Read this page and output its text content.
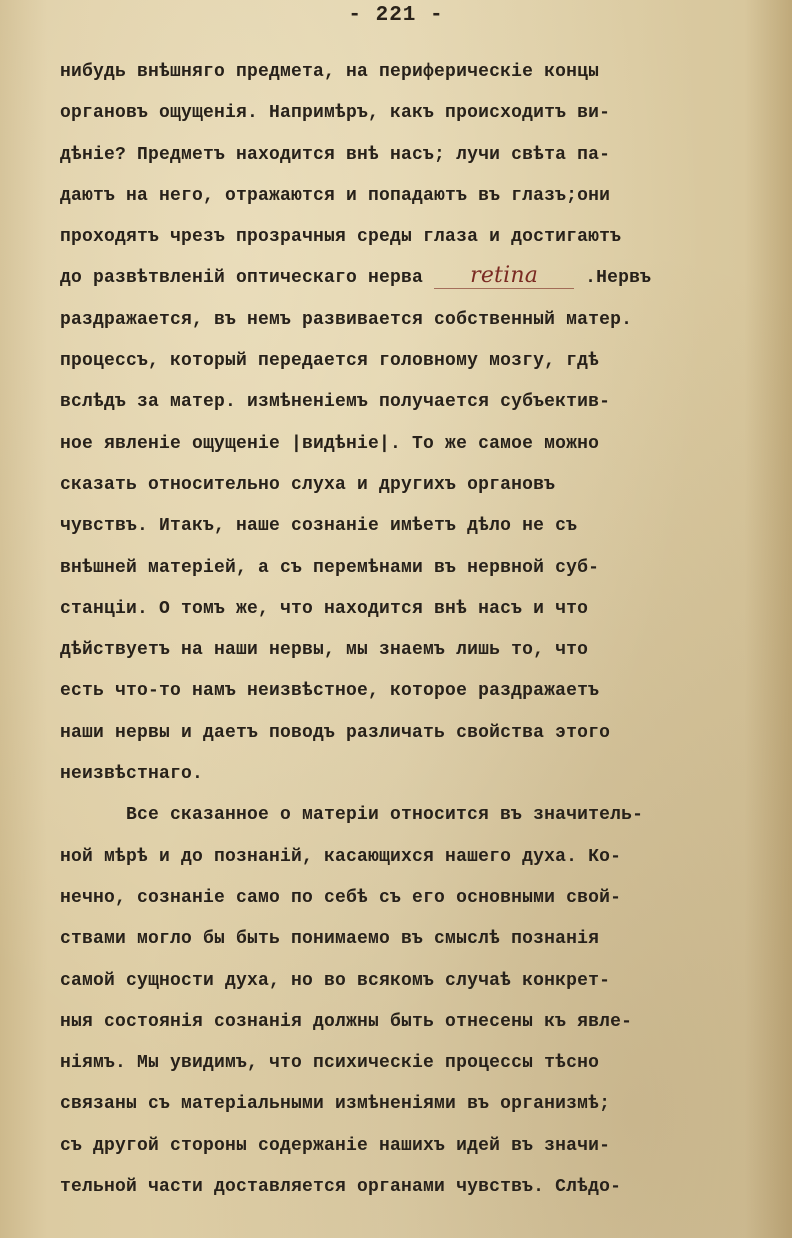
- 221 -
нибудь внѣшняго предмета, на периферическіе концы
органовъ ощущенія. Напримѣръ, какъ происходитъ ви-
дѣніе? Предметъ находится внѣ насъ; лучи свѣта па-
даютъ на него, отражаются и попадаютъ въ глазъ;они
проходятъ чрезъ прозрачныя среды глаза и достигаютъ
до развѣтвленій оптическаго нерва retina .Нервъ
раздражается, въ немъ развивается собственный матер.
процессъ, который передается головному мозгу, гдѣ
вслѣдъ за матер. измѣненіемъ получается субъектив-
ное явленіе ощущеніе |видѣніе|. То же самое можно
сказать относительно слуха и другихъ органовъ
чувствъ. Итакъ, наше сознаніе имѣетъ дѣло не съ
внѣшней матеріей, а съ перемѣнами въ нервной суб-
станціи. О томъ же, что находится внѣ насъ и что
дѣйствуетъ на наши нервы, мы знаемъ лишь то, что
есть что-то намъ неизвѣстное, которое раздражаетъ
наши нервы и даетъ поводъ различать свойства этого
неизвѣстнаго.
Все сказанное о матеріи относится въ значитель-
ной мѣрѣ и до познаній, касающихся нашего духа. Ко-
нечно, сознаніе само по себѣ съ его основными свой-
ствами могло бы быть понимаемо въ смыслѣ познанія
самой сущности духа, но во всякомъ случаѣ конкрет-
ныя состоянія сознанія должны быть отнесены къ явле-
ніямъ. Мы увидимъ, что психическіе процессы тѣсно
связаны съ матеріальными измѣненіями въ организмѣ;
съ другой стороны содержаніе нашихъ идей въ значи-
тельной части доставляется органами чувствъ. Слѣдо-
